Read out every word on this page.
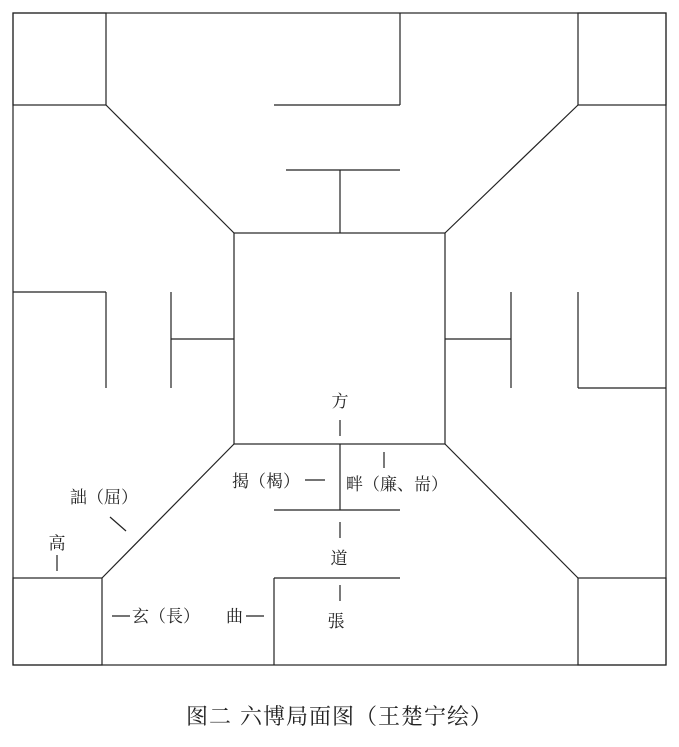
方
揭（楬）	畔（廉、耑）
道
張
詘（屈）
高
玄（長） 曲
图二 六博局面图（王楚宁绘）
